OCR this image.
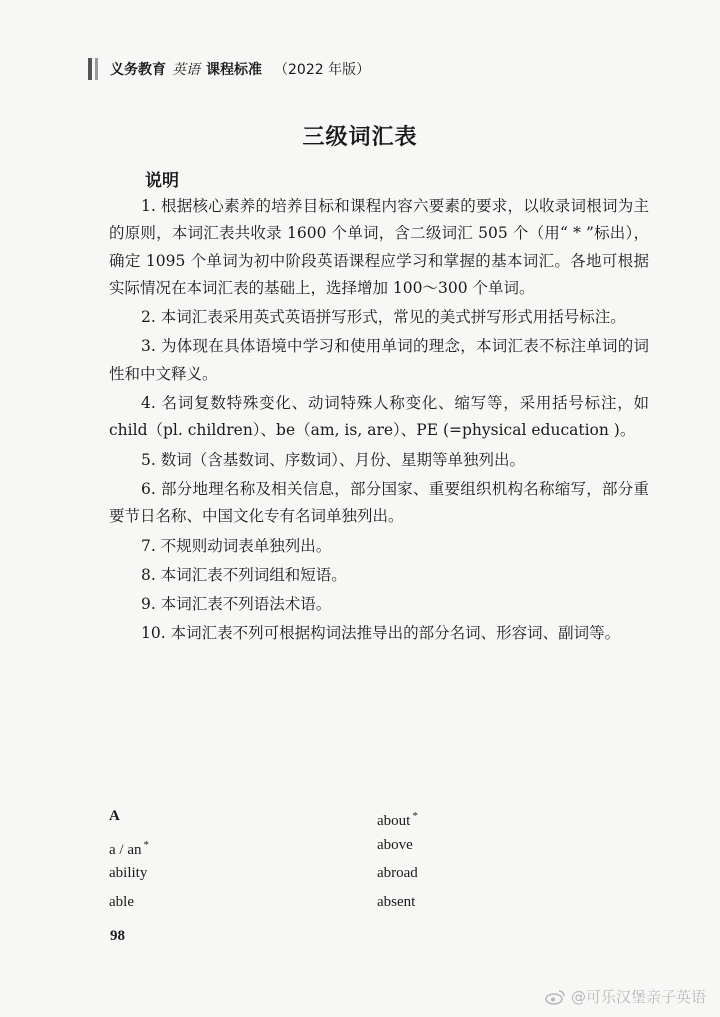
义务教育 英语 课程标准 （2022 年版）
三级词汇表
说明

1. 根据核心素养的培养目标和课程内容六要素的要求，以收录词根词为主的原则，本词汇表共收录 1600 个单词，含二级词汇 505 个（用“ * ”标出），确定 1095 个单词为初中阶段英语课程应学习和掌握的基本词汇。各地可根据实际情况在本词汇表的基础上，选择增加 100～300 个单词。

2. 本词汇表采用英式英语拼写形式，常见的美式拼写形式用括号标注。

3. 为体现在具体语境中学习和使用单词的理念，本词汇表不标注单词的词性和中文释义。

4. 名词复数特殊变化、动词特殊人称变化、缩写等，采用括号标注，如 child（pl. children）、be（am, is, are）、PE (=physical education )。

5. 数词（含基数词、序数词）、月份、星期等单独列出。

6. 部分地理名称及相关信息，部分国家、重要组织机构名称缩写，部分重要节日名称、中国文化专有名词单独列出。

7. 不规则动词表单独列出。

8. 本词汇表不列词组和短语。

9. 本词汇表不列语法术语。

10. 本词汇表不列可根据构词法推导出的部分名词、形容词、副词等。

A	about *
a / an *	above
ability	abroad
able	absent
98
@可乐汉堡亲子英语
